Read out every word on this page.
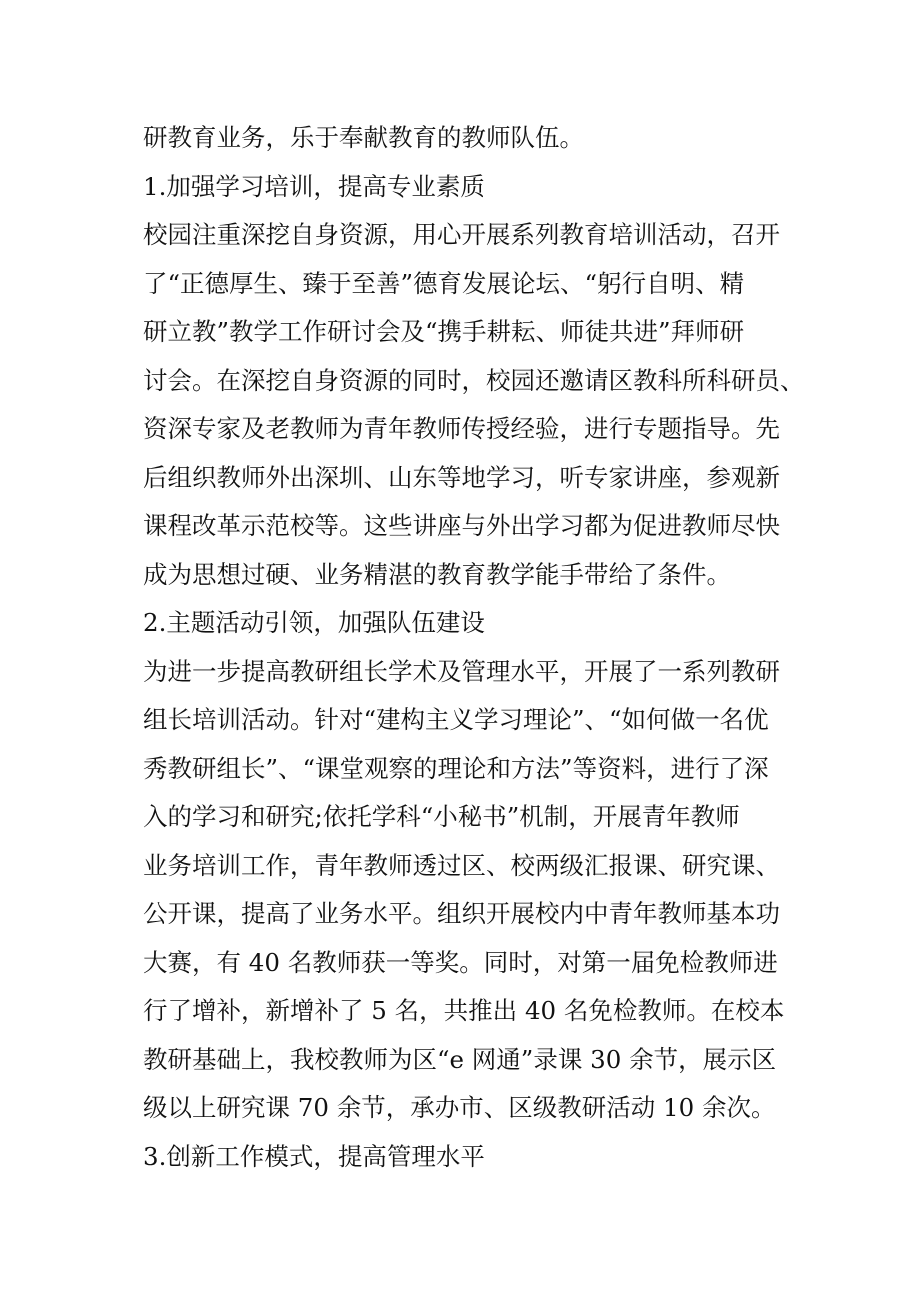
研教育业务，乐于奉献教育的教师队伍。
1.加强学习培训，提高专业素质
校园注重深挖自身资源，用心开展系列教育培训活动，召开
了“正德厚生、臻于至善”德育发展论坛、“躬行自明、精
研立教”教学工作研讨会及“携手耕耘、师徒共进”拜师研
讨会。在深挖自身资源的同时，校园还邀请区教科所科研员、
资深专家及老教师为青年教师传授经验，进行专题指导。先
后组织教师外出深圳、山东等地学习，听专家讲座，参观新
课程改革示范校等。这些讲座与外出学习都为促进教师尽快
成为思想过硬、业务精湛的教育教学能手带给了条件。
2.主题活动引领，加强队伍建设
为进一步提高教研组长学术及管理水平，开展了一系列教研
组长培训活动。针对“建构主义学习理论”、“如何做一名优
秀教研组长”、“课堂观察的理论和方法”等资料，进行了深
入的学习和研究;依托学科“小秘书”机制，开展青年教师
业务培训工作，青年教师透过区、校两级汇报课、研究课、
公开课，提高了业务水平。组织开展校内中青年教师基本功
大赛，有 40 名教师获一等奖。同时，对第一届免检教师进
行了增补，新增补了 5 名，共推出 40 名免检教师。在校本
教研基础上，我校教师为区“e 网通”录课 30 余节，展示区
级以上研究课 70 余节，承办市、区级教研活动 10 余次。
3.创新工作模式，提高管理水平
